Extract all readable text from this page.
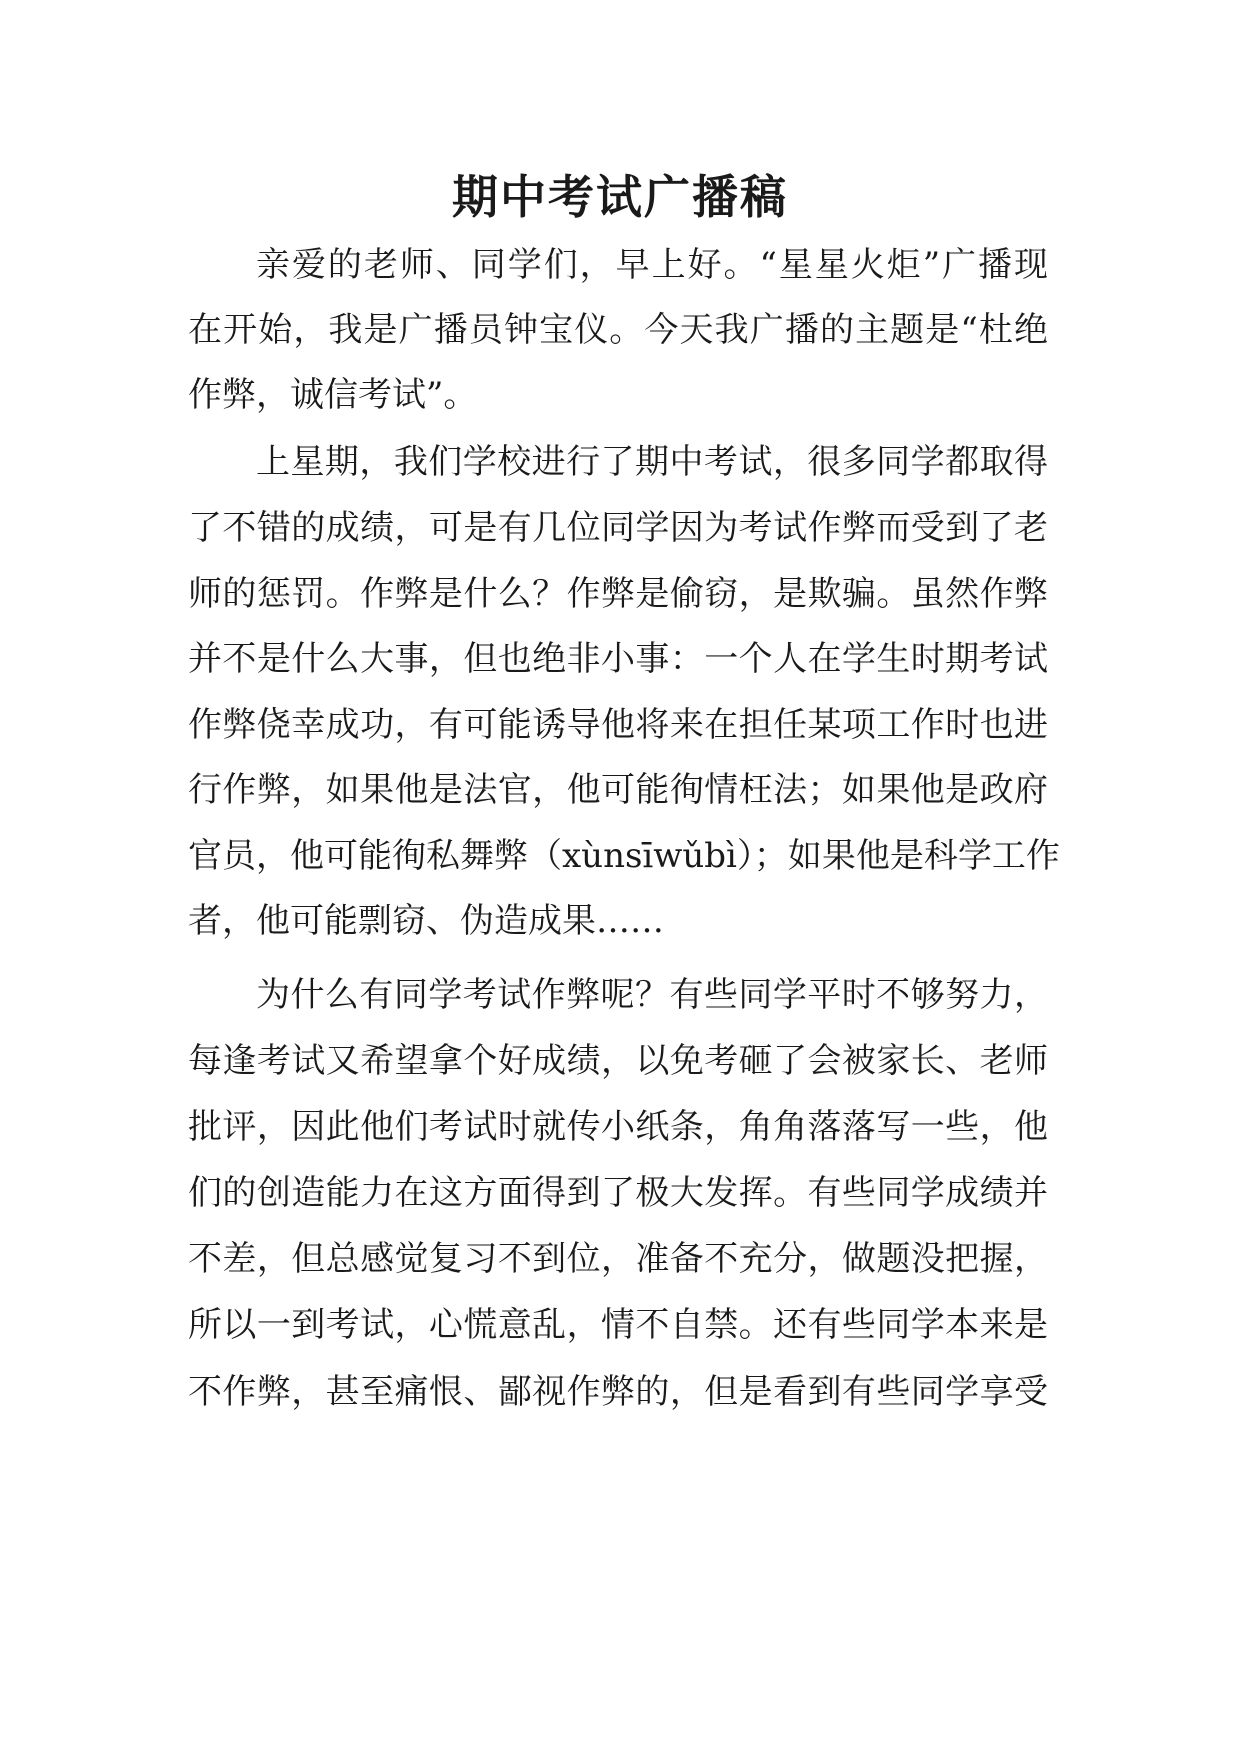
期中考试广播稿
亲爱的老师、同学们，早上好。“星星火炬”广播现
在开始，我是广播员钟宝仪。今天我广播的主题是“杜绝
作弊，诚信考试”。
上星期，我们学校进行了期中考试，很多同学都取得
了不错的成绩，可是有几位同学因为考试作弊而受到了老
师的惩罚。作弊是什么？作弊是偷窃，是欺骗。虽然作弊
并不是什么大事，但也绝非小事：一个人在学生时期考试
作弊侥幸成功，有可能诱导他将来在担任某项工作时也进
行作弊，如果他是法官，他可能徇情枉法；如果他是政府
官员，他可能徇私舞弊（xùnsīwǔbì）；如果他是科学工作
者，他可能剽窃、伪造成果……
为什么有同学考试作弊呢？有些同学平时不够努力，
每逢考试又希望拿个好成绩，以免考砸了会被家长、老师
批评，因此他们考试时就传小纸条，角角落落写一些，他
们的创造能力在这方面得到了极大发挥。有些同学成绩并
不差，但总感觉复习不到位，准备不充分，做题没把握，
所以一到考试，心慌意乱，情不自禁。还有些同学本来是
不作弊，甚至痛恨、鄙视作弊的，但是看到有些同学享受
